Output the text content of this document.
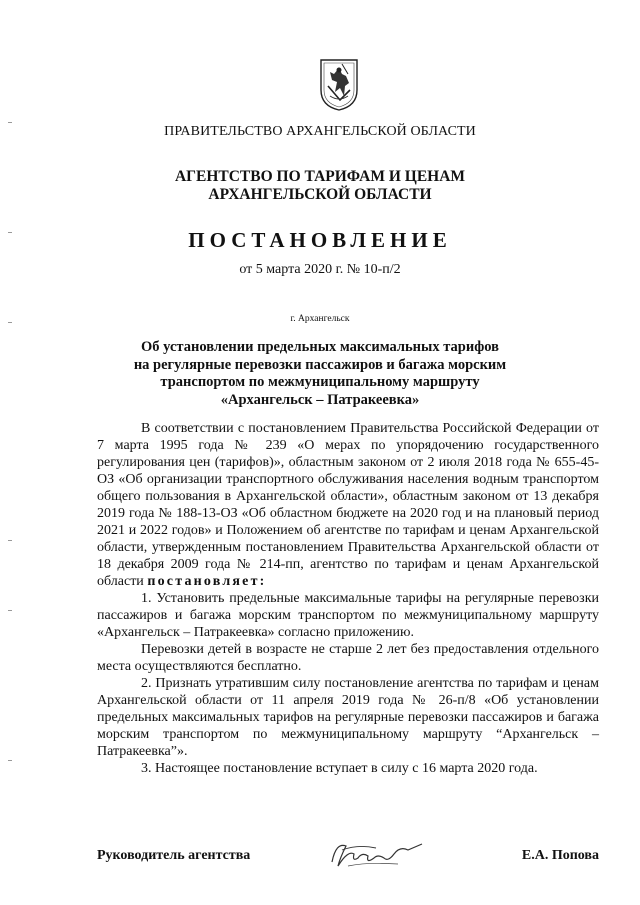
ПРАВИТЕЛЬСТВО АРХАНГЕЛЬСКОЙ ОБЛАСТИ
АГЕНТСТВО ПО ТАРИФАМ И ЦЕНАМ
АРХАНГЕЛЬСКОЙ ОБЛАСТИ
ПОСТАНОВЛЕНИЕ
от 5 марта 2020 г. № 10-п/2
г. Архангельск
Об установлении предельных максимальных тарифов
на регулярные перевозки пассажиров и багажа морским
транспортом по межмуниципальному маршруту
«Архангельск – Патракеевка»

В соответствии с постановлением Правительства Российской Федерации от 7 марта 1995 года № 239 «О мерах по упорядочению государственного регулирования цен (тарифов)», областным законом от 2 июля 2018 года № 655-45-ОЗ «Об организации транспортного обслуживания населения водным транспортом общего пользования в Архангельской области», областным законом от 13 декабря 2019 года № 188-13-ОЗ «Об областном бюджете на 2020 год и на плановый период 2021 и 2022 годов» и Положением об агентстве по тарифам и ценам Архангельской области, утвержденным постановлением Правительства Архангельской области от 18 декабря 2009 года № 214-пп, агентство по тарифам и ценам Архангельской области постановляет:

1. Установить предельные максимальные тарифы на регулярные перевозки пассажиров и багажа морским транспортом по межмуниципальному маршруту «Архангельск – Патракеевка» согласно приложению.

Перевозки детей в возрасте не старше 2 лет без предоставления отдельного места осуществляются бесплатно.

2. Признать утратившим силу постановление агентства по тарифам и ценам Архангельской области от 11 апреля 2019 года № 26-п/8 «Об установлении предельных максимальных тарифов на регулярные перевозки пассажиров и багажа морским транспортом по межмуниципальному маршруту “Архангельск – Патракеевка”».

3. Настоящее постановление вступает в силу с 16 марта 2020 года.

Руководитель агентства	Е.А. Попова
